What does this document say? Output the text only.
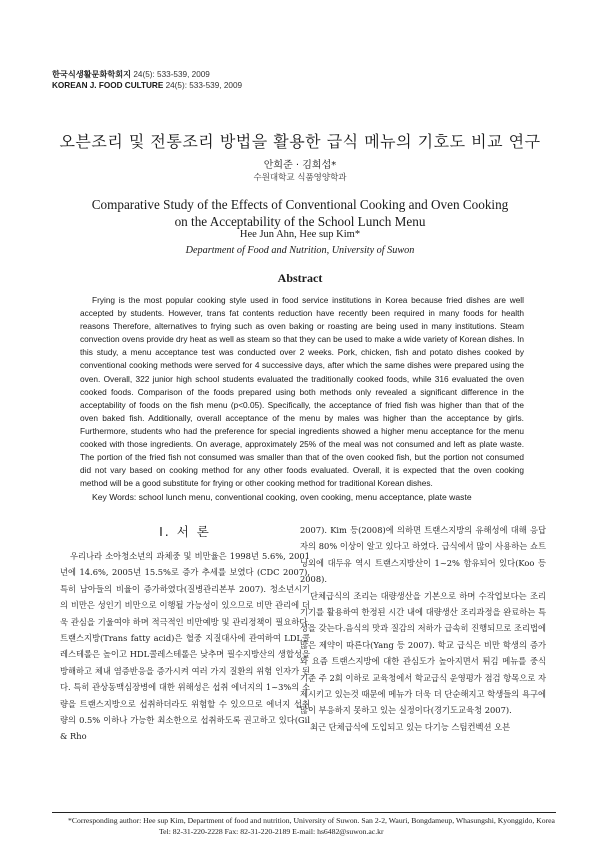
한국식생활문화학회지 24(5): 533-539, 2009
KOREAN J. FOOD CULTURE 24(5): 533-539, 2009
오븐조리 및 전통조리 방법을 활용한 급식 메뉴의 기호도 비교 연구
안희준 · 김희섭*
수원대학교 식품영양학과
Comparative Study of the Effects of Conventional Cooking and Oven Cooking
on the Acceptability of the School Lunch Menu
Hee Jun Ahn, Hee sup Kim*
Department of Food and Nutrition, University of Suwon
Abstract

Frying is the most popular cooking style used in food service institutions in Korea because fried dishes are well accepted by students. However, trans fat contents reduction have recently been required in many foods for health reasons Therefore, alternatives to frying such as oven baking or roasting are being used in many institutions. Steam convection ovens provide dry heat as well as steam so that they can be used to make a wide variety of Korean dishes. In this study, a menu acceptance test was conducted over 2 weeks. Pork, chicken, fish and potato dishes cooked by conventional cooking methods were served for 4 successive days, after which the same dishes were prepared using the oven. Overall, 322 junior high school students evaluated the traditionally cooked foods, while 316 evaluated the oven cooked foods. Comparison of the foods prepared using both methods only revealed a significant difference in the acceptability of foods on the fish menu (p<0.05). Specifically, the acceptance of fried fish was higher than that of the oven baked fish. Additionally, overall acceptance of the menu by males was higher than the acceptance by girls. Furthermore, students who had the preference for special ingredients showed a higher menu acceptance for the menu cooked with those ingredients. On average, approximately 25% of the meal was not consumed and left as plate waste. The portion of the fried fish not consumed was smaller than that of the oven cooked fish, but the portion not consumed did not vary based on cooking method for any other foods evaluated. Overall, it is expected that the oven cooking method will be a good substitute for frying or other cooking method for traditional Korean dishes.

Key Words: school lunch menu, conventional cooking, oven cooking, menu acceptance, plate waste
Ⅰ. 서 론

우리나라 소아청소년의 과체중 및 비만율은 1998년 5.6%, 2001년에 14.6%, 2005년 15.5%로 증가 추세를 보였다 (CDC 2007), 특히 남아들의 비율이 증가하였다(질병관리본부 2007). 청소년시기의 비만은 성인기 비만으로 이행될 가능성이 있으므로 비만 관리에 더욱 관심을 기울여야 하며 적극적인 비만예방 및 관리정책이 필요하다. 트랜스지방(Trans fatty acid)은 혈중 지질대사에 관여하여 LDL콜레스테롤은 높이고 HDL콜레스테롤은 낮추며 필수지방산의 생합성을 방해하고 체내 염증반응을 증가시켜 여러 가지 질환의 위험 인자가 된다. 특히 관상동맥심장병에 대한 위해성은 섭취 에너지의 1~3%의 소량을 트랜스지방으로 섭취하더라도 위험할 수 있으므로 에너지 섭취량의 0.5% 이하나 가능한 최소한으로 섭취하도록 권고하고 있다(Gil & Rho

2007). Kim 등(2008)에 의하면 트랜스지방의 유해성에 대해 응답자의 80% 이상이 알고 있다고 하였다. 급식에서 많이 사용하는 쇼트닝외에 대두유 역시 트랜스지방산이 1~2% 함유되어 있다(Koo 등 2008).

단체급식의 조리는 대량생산을 기본으로 하며 수작업보다는 조리기기를 활용하여 한정된 시간 내에 대량생산 조리과정을 완료하는 특성을 갖는다.음식의 맛과 질감의 저하가 급속히 진행되므로 조리법에 많은 제약이 따른다(Yang 등 2007). 학교 급식은 비만 학생의 증가와 요즘 트랜스지방에 대한 관심도가 높아지면서 튀김 메뉴를 중식 기준 주 2회 이하로 교육청에서 학교급식 운영평가 점검 항목으로 자제시키고 있는것 때문에 메뉴가 더욱 더 단순해지고 학생들의 욕구에 많이 부응하지 못하고 있는 실정이다(경기도교육청 2007).

최근 단체급식에 도입되고 있는 다기능 스팀컨벡션 오븐

*Corresponding author: Hee sup Kim, Department of food and nutrition, University of Suwon. San 2-2, Wauri, Bongdameup, Whasungshi, Kyonggido, Korea
Tel: 82-31-220-2228 Fax: 82-31-220-2189 E-mail: hs6482@suwon.ac.kr
